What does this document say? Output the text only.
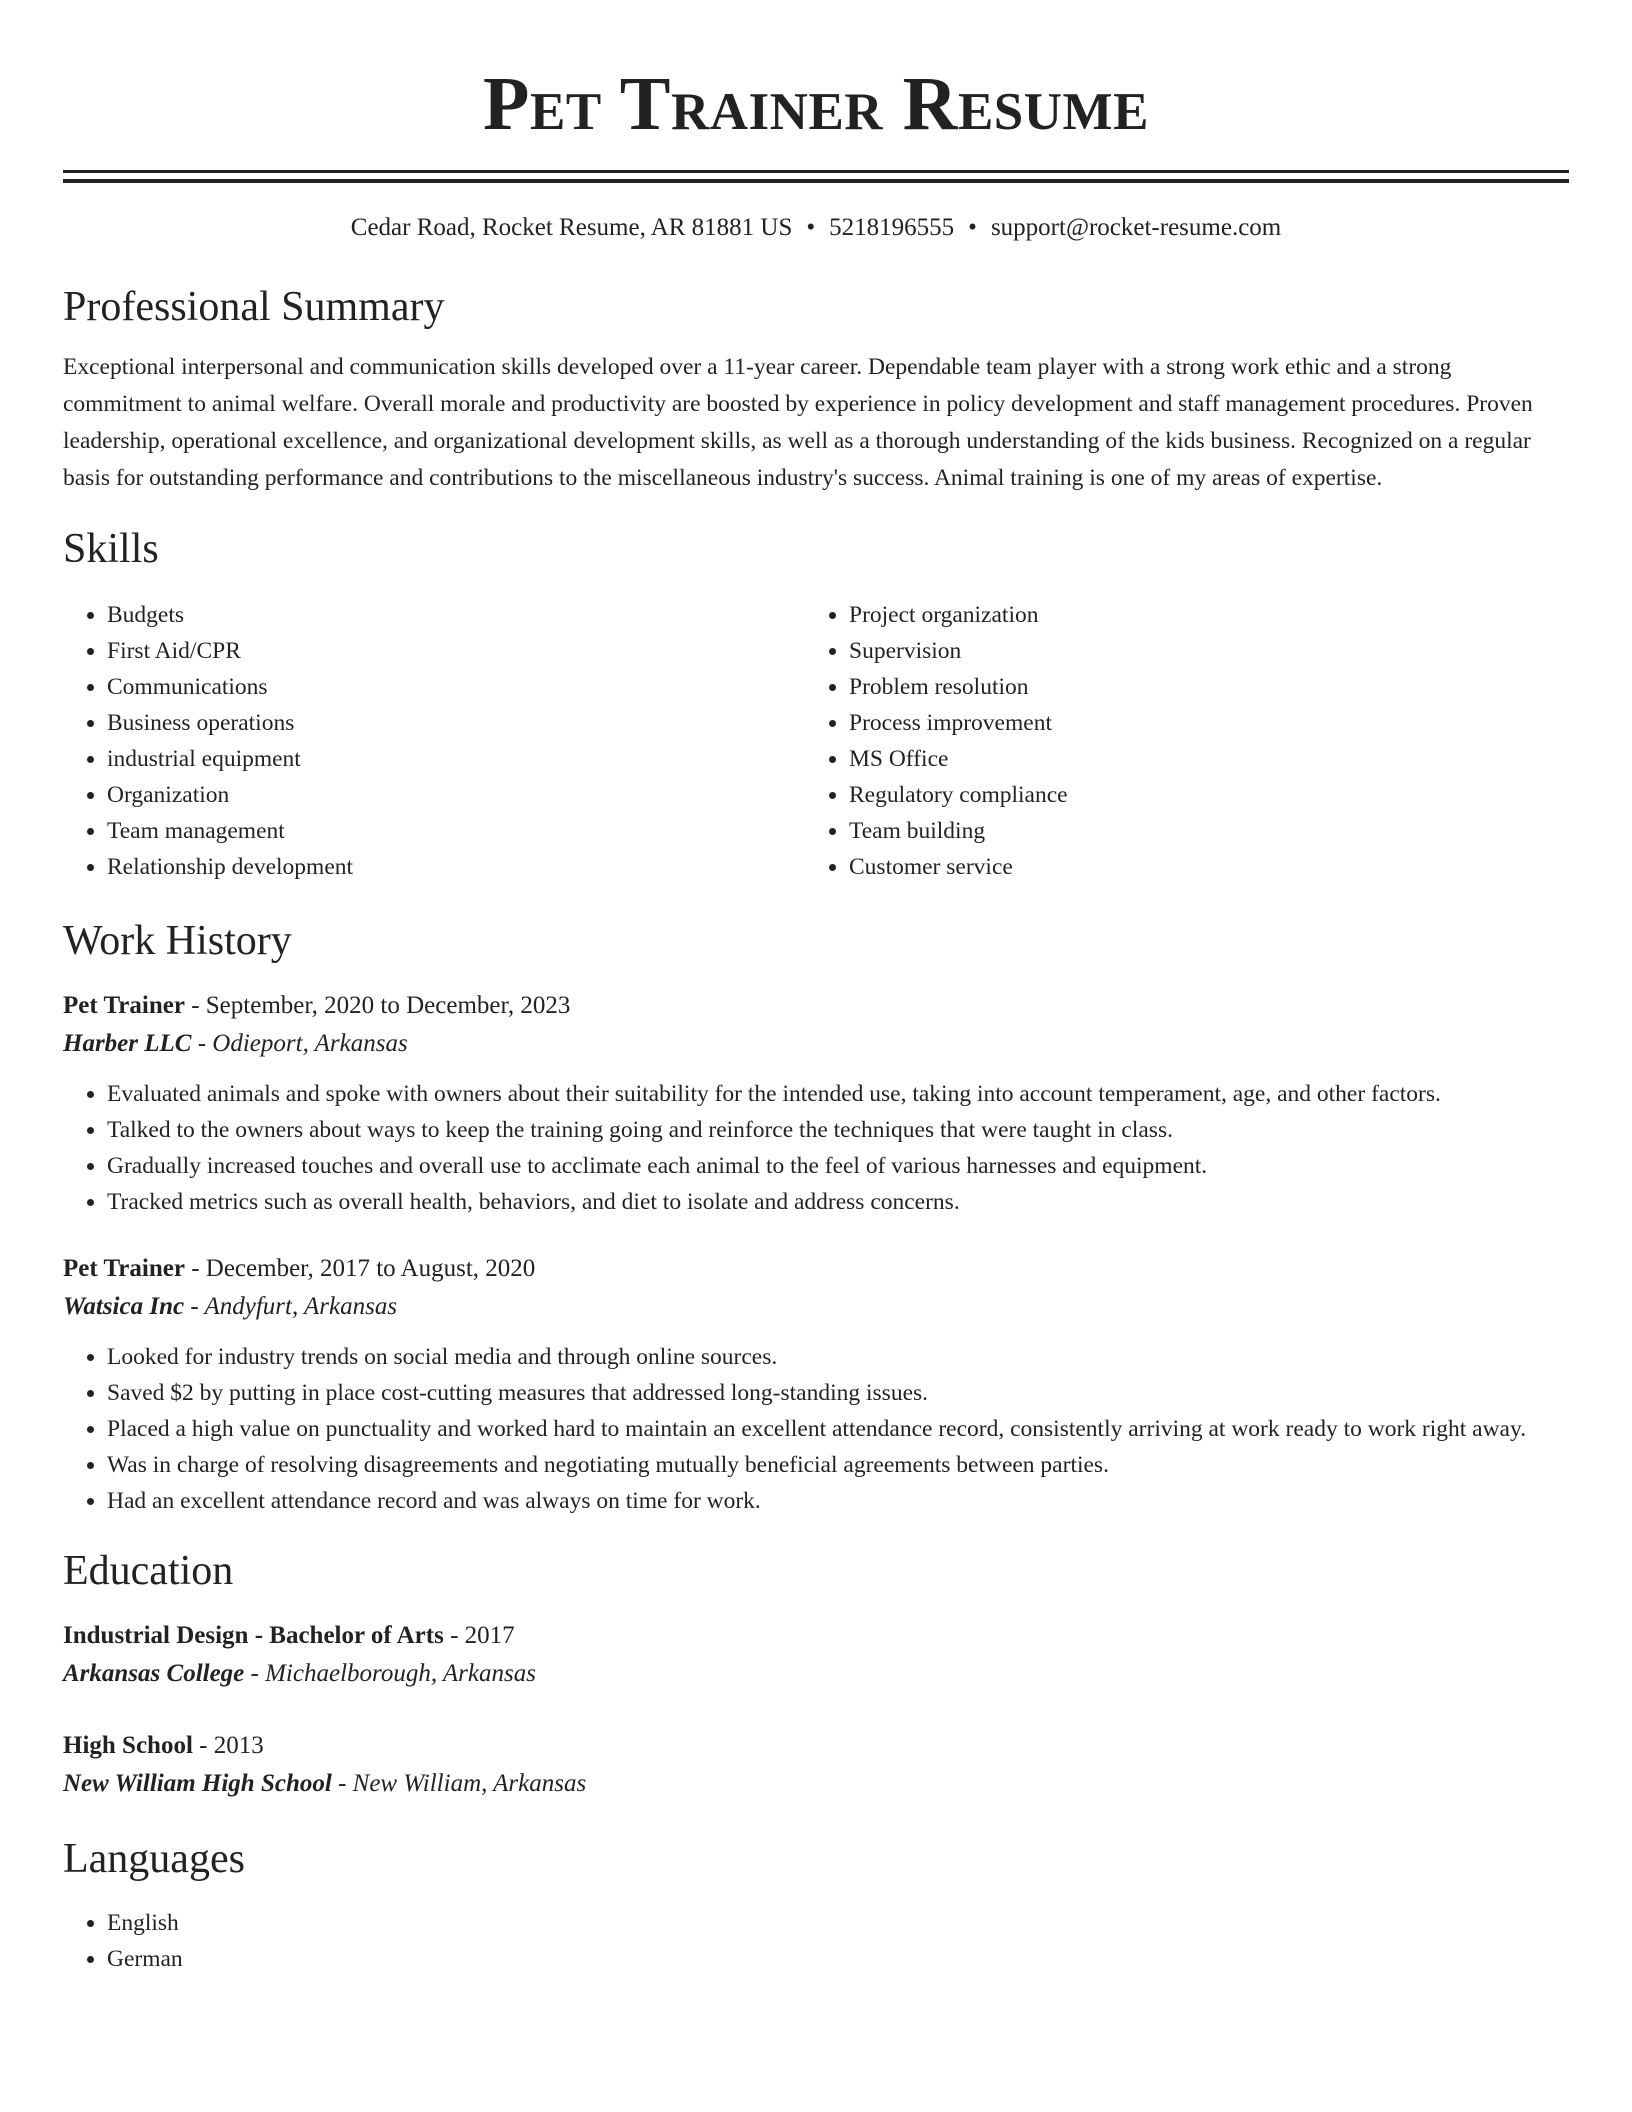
Pet Trainer Resume
Cedar Road, Rocket Resume, AR 81881 US • 5218196555 • support@rocket-resume.com
Professional Summary

Exceptional interpersonal and communication skills developed over a 11-year career. Dependable team player with a strong work ethic and a strong commitment to animal welfare. Overall morale and productivity are boosted by experience in policy development and staff management procedures. Proven leadership, operational excellence, and organizational development skills, as well as a thorough understanding of the kids business. Recognized on a regular basis for outstanding performance and contributions to the miscellaneous industry's success. Animal training is one of my areas of expertise.

Skills
• Budgets
• First Aid/CPR
• Communications
• Business operations
• industrial equipment
• Organization
• Team management
• Relationship development
• Project organization
• Supervision
• Problem resolution
• Process improvement
• MS Office
• Regulatory compliance
• Team building
• Customer service
Work History
Pet Trainer - September, 2020 to December, 2023
Harber LLC - Odieport, Arkansas
• Evaluated animals and spoke with owners about their suitability for the intended use, taking into account temperament, age, and other factors.
• Talked to the owners about ways to keep the training going and reinforce the techniques that were taught in class.
• Gradually increased touches and overall use to acclimate each animal to the feel of various harnesses and equipment.
• Tracked metrics such as overall health, behaviors, and diet to isolate and address concerns.
Pet Trainer - December, 2017 to August, 2020
Watsica Inc - Andyfurt, Arkansas
• Looked for industry trends on social media and through online sources.
• Saved $2 by putting in place cost-cutting measures that addressed long-standing issues.
• Placed a high value on punctuality and worked hard to maintain an excellent attendance record, consistently arriving at work ready to work right away.
• Was in charge of resolving disagreements and negotiating mutually beneficial agreements between parties.
• Had an excellent attendance record and was always on time for work.
Education
Industrial Design - Bachelor of Arts - 2017
Arkansas College - Michaelborough, Arkansas
High School - 2013
New William High School - New William, Arkansas
Languages
• English
• German
